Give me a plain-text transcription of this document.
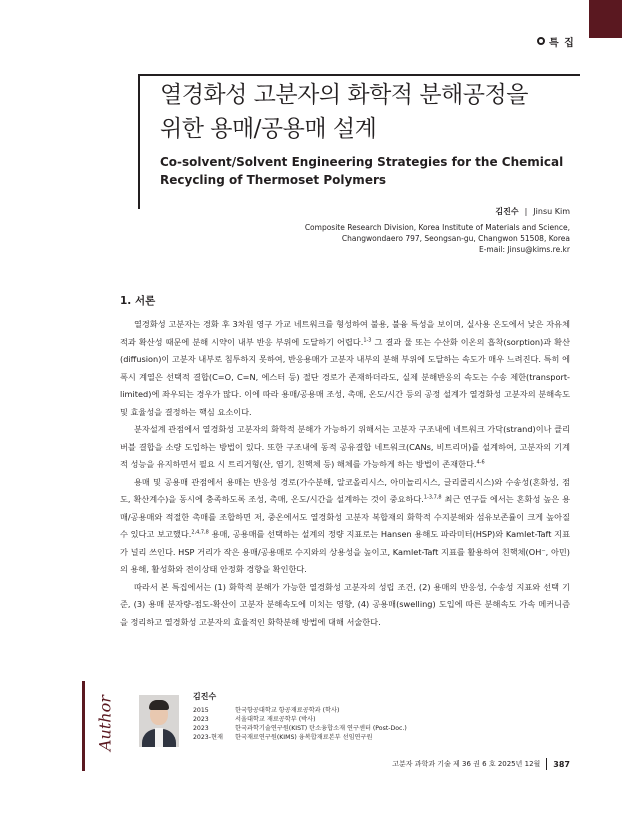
특 집
열경화성 고분자의 화학적 분해공정을
위한 용매/공용매 설계
Co-solvent/Solvent Engineering Strategies for the Chemical
Recycling of Thermoset Polymers
김진수 | Jinsu Kim
Composite Research Division, Korea Institute of Materials and Science,
Changwondaero 797, Seongsan-gu, Changwon 51508, Korea
E-mail: Jinsu@kims.re.kr
1. 서론

열경화성 고분자는 경화 후 3차원 영구 가교 네트워크를 형성하여 불용, 불융 특성을 보이며, 실사용 온도에서 낮은 자유체적과 확산성 때문에 분해 시약이 내부 반응 부위에 도달하기 어렵다.$^{1-3}$ 그 결과 물 또는 수산화 이온의 흡착(sorption)과 확산(diffusion)이 고분자 내부로 침투하지 못하여, 반응용매가 고분자 내부의 분해 부위에 도달하는 속도가 매우 느려진다. 특히 에폭시 계열은 선택적 결합(C=O, C=N, 에스터 등) 절단 경로가 존재하더라도, 실제 분해반응의 속도는 수송 제한(transport-limited)에 좌우되는 경우가 많다. 이에 따라 용매/공용매 조성, 촉매, 온도/시간 등의 공정 설계가 열경화성 고분자의 분해속도 및 효율성을 결정하는 핵심 요소이다.

분자설계 관점에서 열경화성 고분자의 화학적 분해가 가능하기 위해서는 고분자 구조내에 네트워크 가닥(strand)이나 클리버블 결합을 소량 도입하는 방법이 있다. 또한 구조내에 동적 공유결합 네트워크(CANs, 비트리머)를 설계하여, 고분자의 기계적 성능을 유지하면서 필요 시 트리거형(산, 염기, 친핵체 등) 해체를 가능하게 하는 방법이 존재한다.$^{4-6}$

용매 및 공용매 관점에서 용매는 반응성 경로(가수분해, 알코올리시스, 아미놀리시스, 글리콜리시스)와 수송성(혼화성, 점도, 확산계수)을 동시에 충족하도록 조성, 촉매, 온도/시간을 설계하는 것이 중요하다.$^{1-3,7,8}$ 최근 연구들 에서는 혼화성 높은 용매/공용매와 적절한 촉매를 조합하면 저, 중온에서도 열경화성 고분자 복합재의 화학적 수지분해와 섬유보존률이 크게 높아질 수 있다고 보고했다.$^{2,4,7,8}$ 용매, 공용매를 선택하는 설계의 정량 지표로는 Hansen 용해도 파라미터(HSP)와 Kamlet-Taft 지표가 널리 쓰인다. HSP 거리가 작은 용매/공용매로 수지와의 상용성을 높이고, Kamlet-Taft 지표를 활용하여 친핵체(OH⁻, 아민)의 용해, 활성화와 전이상태 안정화 경향을 확인한다.

따라서 본 특집에서는 (1) 화학적 분해가 가능한 열경화성 고분자의 성립 조건, (2) 용매의 반응성, 수송성 지표와 선택 기준, (3) 용매 분자량-점도-확산이 고분자 분해속도에 미치는 영향, (4) 공용매(swelling) 도입에 따른 분해속도 가속 메커니즘을 정리하고 열경화성 고분자의 효율적인 화학분해 방법에 대해 서술한다.

Author	김진수
2015	한국항공대학교 항공재료공학과 (학사)
2023	서울대학교 재료공학부 (박사)
2023	한국과학기술연구원(KIST) 탄소융합소재 연구센터 (Post-Doc.)
2023-현재	한국재료연구원(KIMS) 융복합재료본부 선임연구원
고분자 과학과 기술 제 36 권 6 호 2025년 12월 387
